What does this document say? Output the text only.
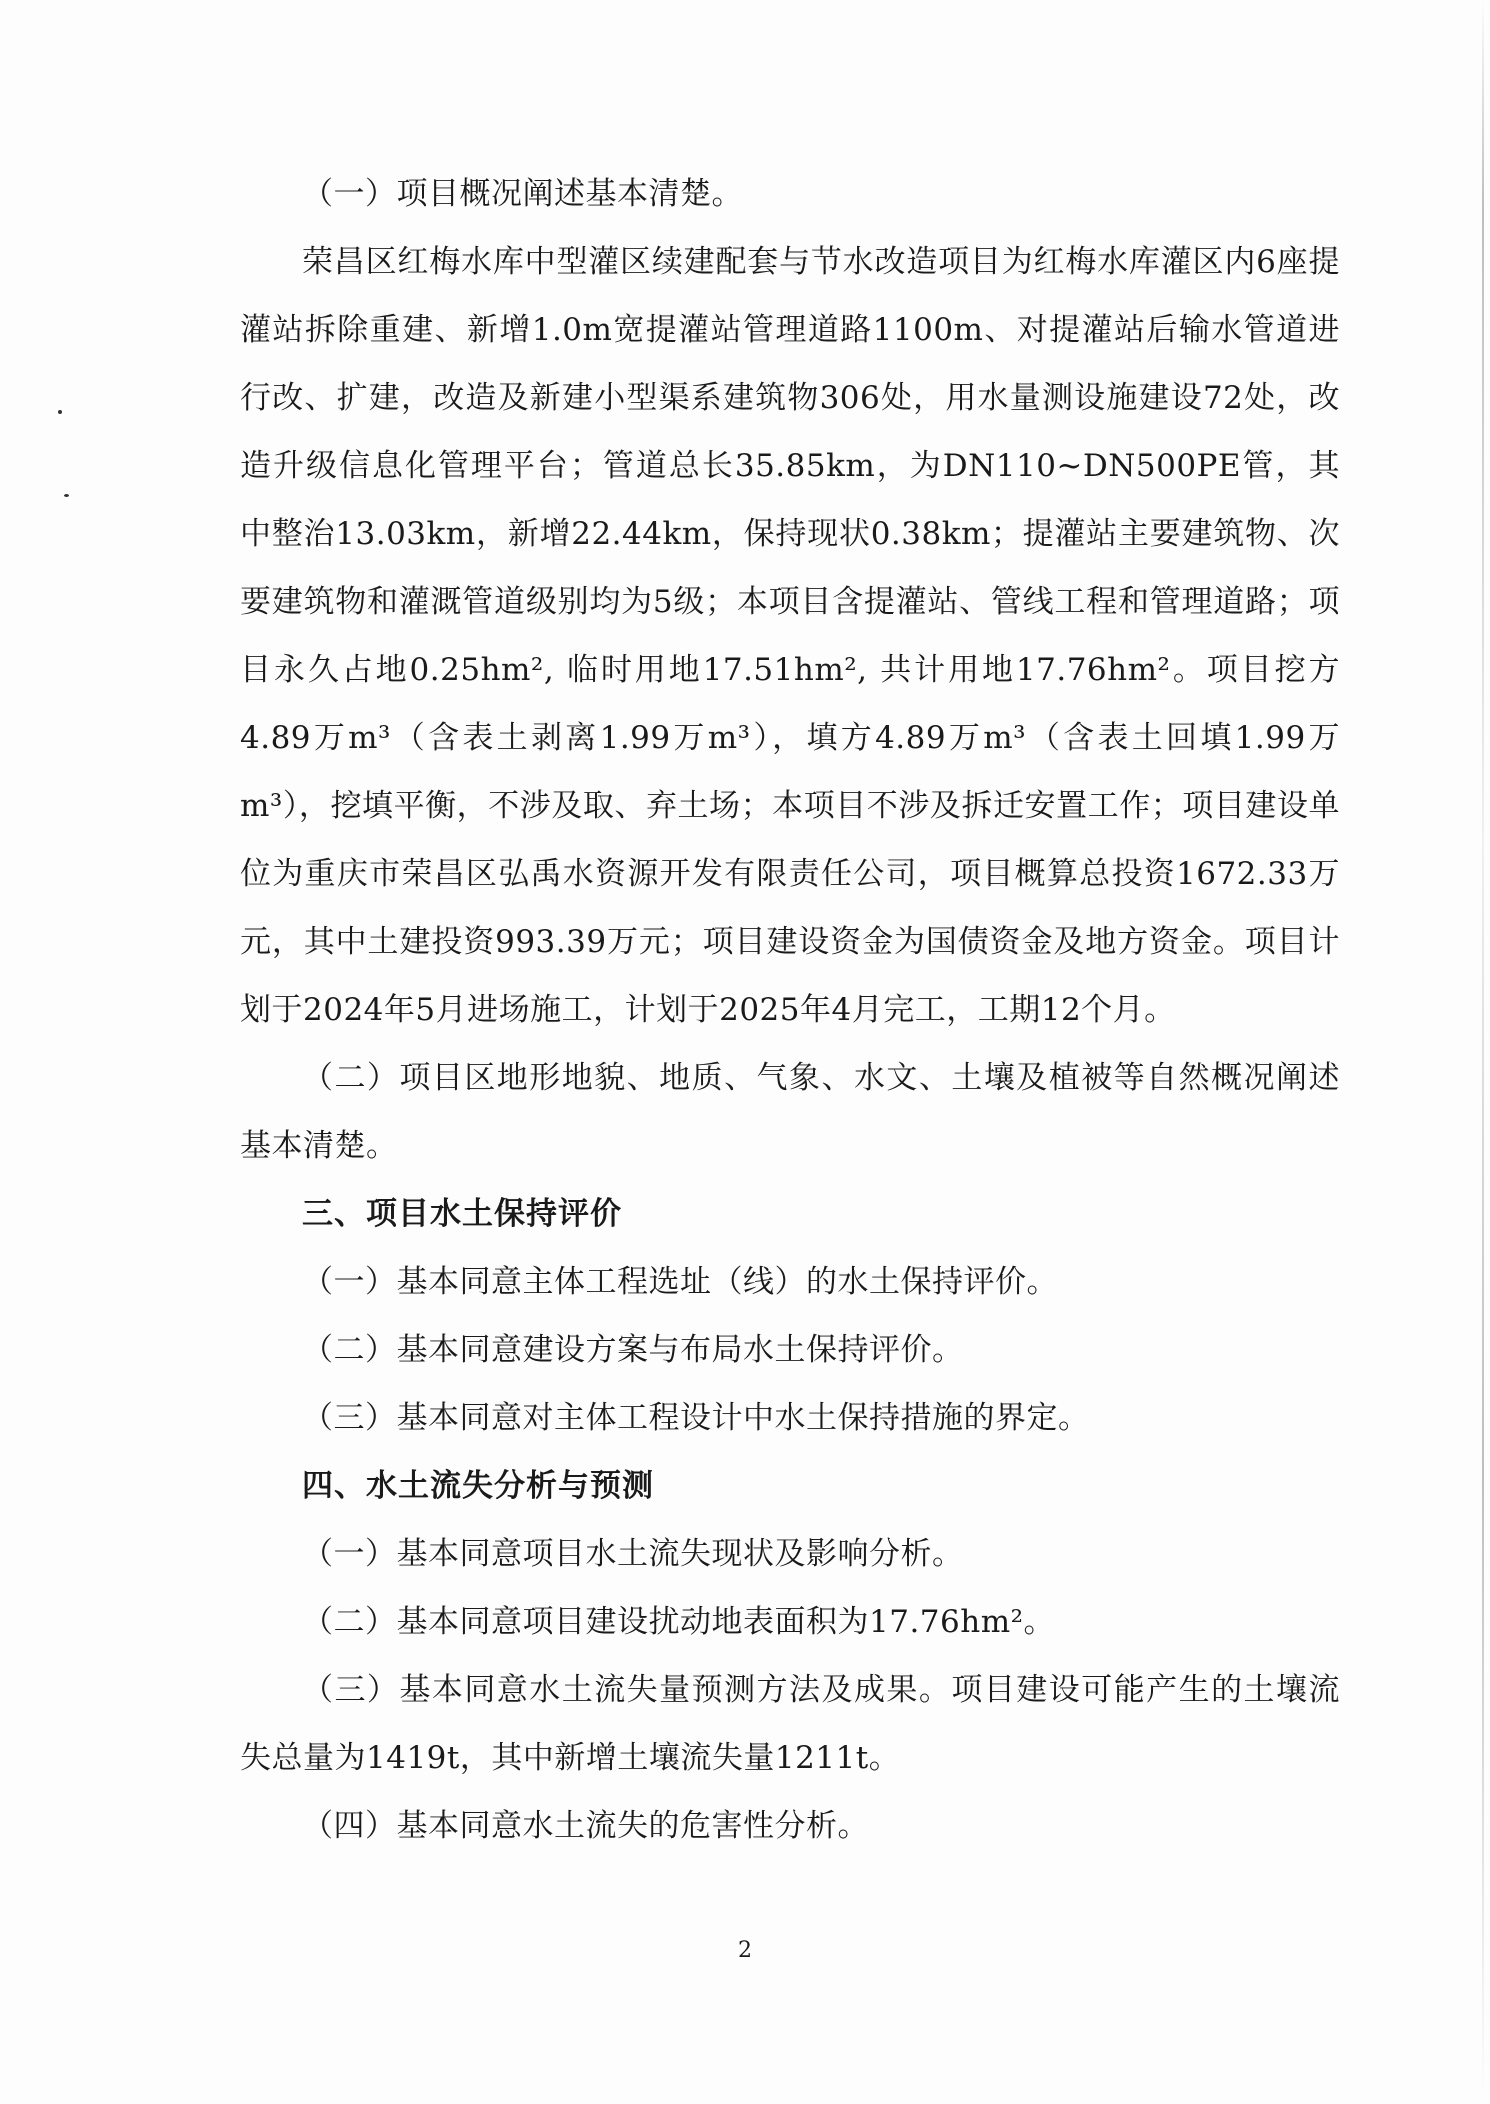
（一）项目概况阐述基本清楚。

荣昌区红梅水库中型灌区续建配套与节水改造项目为红梅水库灌区内6座提灌站拆除重建、新增1.0m宽提灌站管理道路1100m、对提灌站后输水管道进行改、扩建，改造及新建小型渠系建筑物306处，用水量测设施建设72处，改造升级信息化管理平台；管道总长35.85km，为DN110~DN500PE管，其中整治13.03km，新增22.44km，保持现状0.38km；提灌站主要建筑物、次要建筑物和灌溉管道级别均为5级；本项目含提灌站、管线工程和管理道路；项目永久占地0.25hm², 临时用地17.51hm², 共计用地17.76hm²。项目挖方4.89万m³（含表土剥离1.99万m³），填方4.89万m³（含表土回填1.99万m³），挖填平衡，不涉及取、弃土场；本项目不涉及拆迁安置工作；项目建设单位为重庆市荣昌区弘禹水资源开发有限责任公司，项目概算总投资1672.33万元，其中土建投资993.39万元；项目建设资金为国债资金及地方资金。项目计划于2024年5月进场施工，计划于2025年4月完工，工期12个月。

（二）项目区地形地貌、地质、气象、水文、土壤及植被等自然概况阐述基本清楚。

三、项目水土保持评价

（一）基本同意主体工程选址（线）的水土保持评价。

（二）基本同意建设方案与布局水土保持评价。

（三）基本同意对主体工程设计中水土保持措施的界定。

四、水土流失分析与预测

（一）基本同意项目水土流失现状及影响分析。

（二）基本同意项目建设扰动地表面积为17.76hm²。

（三）基本同意水土流失量预测方法及成果。项目建设可能产生的土壤流失总量为1419t，其中新增土壤流失量1211t。

（四）基本同意水土流失的危害性分析。

2
